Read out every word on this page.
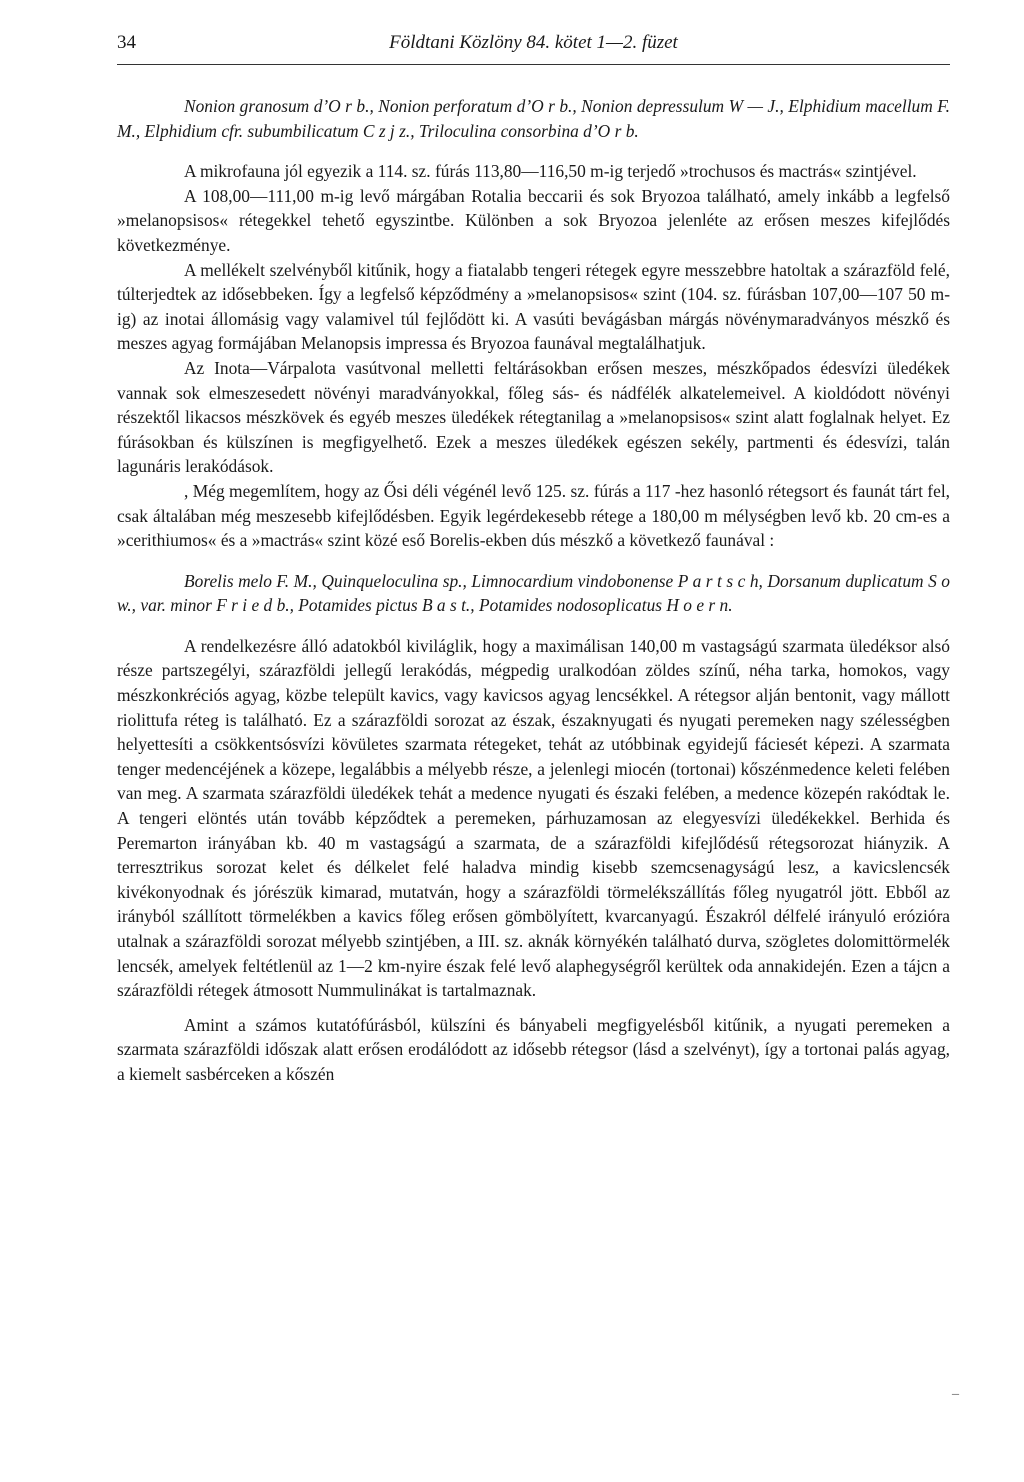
34	Földtani Közlöny 84. kötet 1—2. füzet

Nonion granosum d’O r b., Nonion perforatum d’O r b., Nonion depressulum W — J., Elphidium macellum F. M., Elphidium cfr. subumbilicatum C z j z., Triloculina consorbina d’O r b.

A mikrofauna jól egyezik a 114. sz. fúrás 113,80—116,50 m-ig terjedő »trochusos és mactrás« szintjével.

A 108,00—111,00 m-ig levő márgában Rotalia beccarii és sok Bryozoa található, amely inkább a legfelső »melanopsisos« rétegekkel tehető egyszintbe. Különben a sok Bryozoa jelenléte az erősen meszes kifejlődés következménye.

A mellékelt szelvényből kitűnik, hogy a fiatalabb tengeri rétegek egyre messzebbre hatoltak a szárazföld felé, túlterjedtek az idősebbeken. Így a legfelső képződmény a »melanopsisos« szint (104. sz. fúrásban 107,00—107 50 m-ig) az inotai állomásig vagy valamivel túl fejlődött ki. A vasúti bevágásban márgás növénymaradványos mészkő és meszes agyag formájában Melanopsis impressa és Bryozoa faunával megtalálhatjuk.

Az Inota—Várpalota vasútvonal melletti feltárásokban erősen meszes, mészkőpados édesvízi üledékek vannak sok elmeszesedett növényi maradványokkal, főleg sás- és nádfélék alkatelemeivel. A kioldódott növényi részektől likacsos mészkövek és egyéb meszes üledékek rétegtanilag a »melanopsisos« szint alatt foglalnak helyet. Ez fúrásokban és külszínen is megfigyelhető. Ezek a meszes üledékek egészen sekély, partmenti és édesvízi, talán lagunáris lerakódások.

, Még megemlítem, hogy az Ősi déli végénél levő 125. sz. fúrás a 117 -hez hasonló rétegsort és faunát tárt fel, csak általában még meszesebb kifejlődésben. Egyik legérdekesebb rétege a 180,00 m mélységben levő kb. 20 cm-es a »cerithiumos« és a »mactrás« szint közé eső Borelis-ekben dús mészkő a következő faunával :

Borelis melo F. M., Quinqueloculina sp., Limnocardium vindobonense P a r t s c h, Dorsanum duplicatum S o w., var. minor F r i e d b., Potamides pictus B a s t., Potamides nodosoplicatus H o e r n.

A rendelkezésre álló adatokból kiviláglik, hogy a maximálisan 140,00 m vastagságú szarmata üledéksor alsó része partszegélyi, szárazföldi jellegű lerakódás, mégpedig uralkodóan zöldes színű, néha tarka, homokos, vagy mészkonkréciós agyag, közbe települt kavics, vagy kavicsos agyag lencsékkel. A rétegsor alján bentonit, vagy mállott riolittufa réteg is található. Ez a szárazföldi sorozat az észak, északnyugati és nyugati peremeken nagy szélességben helyettesíti a csökkentsósvízi kövületes szarmata rétegeket, tehát az utóbbinak egyidejű fáciesét képezi. A szarmata tenger medencéjének a közepe, legalábbis a mélyebb része, a jelenlegi miocén (tortonai) kőszénmedence keleti felében van meg. A szarmata szárazföldi üledékek tehát a medence nyugati és északi felében, a medence közepén rakódtak le. A tengeri elöntés után tovább képződtek a peremeken, párhuzamosan az elegyesvízi üledékekkel. Berhida és Peremarton irányában kb. 40 m vastagságú a szarmata, de a szárazföldi kifejlődésű rétegsorozat hiányzik. A terresztrikus sorozat kelet és délkelet felé haladva mindig kisebb szemcsenagyságú lesz, a kavicslencsék kivékonyodnak és jórészük kimarad, mutatván, hogy a szárazföldi törmelékszállítás főleg nyugatról jött. Ebből az irányból szállított törmelékben a kavics főleg erősen gömbölyített, kvarcanyagú. Északról délfelé irányuló erózióra utalnak a szárazföldi sorozat mélyebb szintjében, a III. sz. aknák környékén található durva, szögletes dolomittörmelék lencsék, amelyek feltétlenül az 1—2 km-nyire észak felé levő alaphegységről kerültek oda annakidején. Ezen a tájcn a szárazföldi rétegek átmosott Nummulinákat is tartalmaznak.

Amint a számos kutatófúrásból, külszíni és bányabeli megfigyelésből kitűnik, a nyugati peremeken a szarmata szárazföldi időszak alatt erősen erodálódott az idősebb rétegsor (lásd a szelvényt), így a tortonai palás agyag, a kiemelt sasbérceken a kőszén

_
